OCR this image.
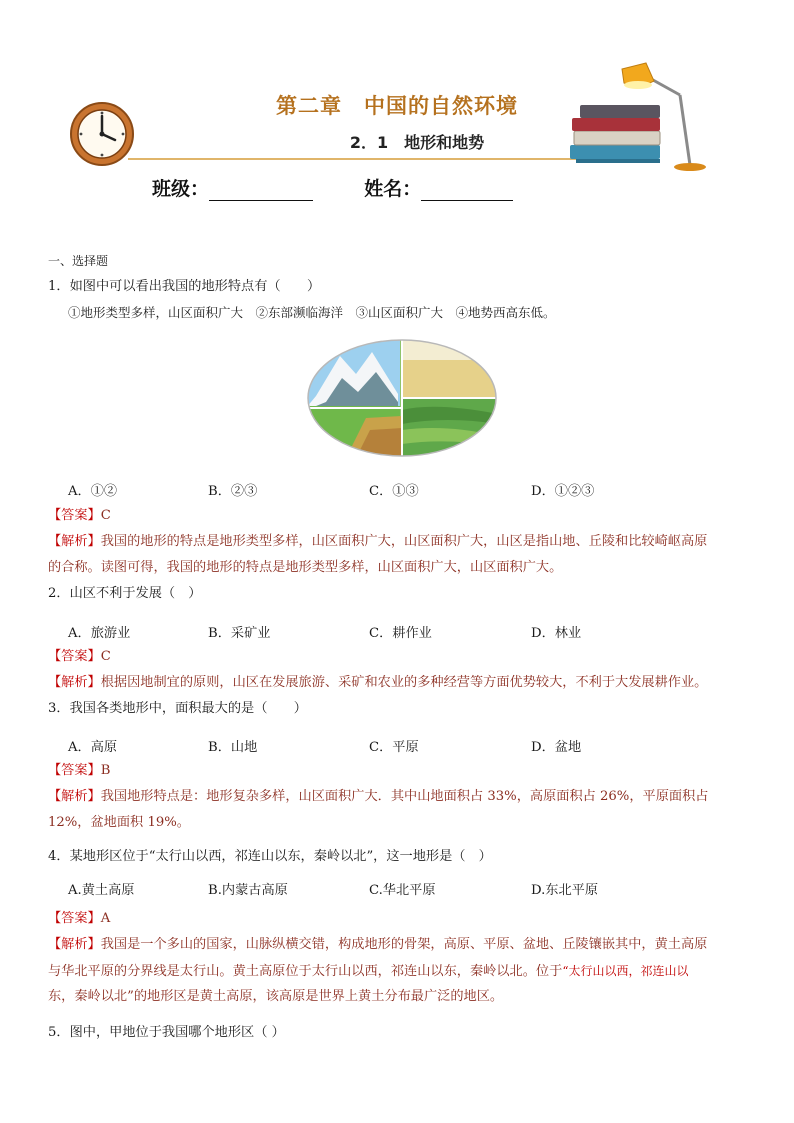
第二章　中国的自然环境
2．1　地形和地势
班级：	姓名：
一、选择题
1．如图中可以看出我国的地形特点有（　　）
①地形类型多样，山区面积广大　②东部濒临海洋　③山区面积广大　④地势西高东低。
A．①②	B．②③	C．①③	D．①②③
【答案】C
【解析】我国的地形的特点是地形类型多样，山区面积广大，山区面积广大，山区是指山地、丘陵和比较崎岖高原
的合称。读图可得，我国的地形的特点是地形类型多样，山区面积广大，山区面积广大。
2．山区不利于发展（　）
A．旅游业	B．采矿业	C．耕作业	D．林业
【答案】C
【解析】根据因地制宜的原则，山区在发展旅游、采矿和农业的多种经营等方面优势较大，不利于大发展耕作业。
3．我国各类地形中，面积最大的是（　　）
A．高原	B．山地	C．平原	D．盆地
【答案】B
【解析】我国地形特点是：地形复杂多样，山区面积广大．其中山地面积占 33%，高原面积占 26%，平原面积占
12%，盆地面积 19%。
4．某地形区位于“太行山以西，祁连山以东，秦岭以北”，这一地形是（　）
A.黄土高原	B.内蒙古高原	C.华北平原	D.东北平原
【答案】A
【解析】我国是一个多山的国家，山脉纵横交错，构成地形的骨架，高原、平原、盆地、丘陵镶嵌其中，黄土高原
与华北平原的分界线是太行山。黄土高原位于太行山以西，祁连山以东，秦岭以北。位于“太行山以西，祁连山以
东，秦岭以北”的地形区是黄土高原，该高原是世界上黄土分布最广泛的地区。
5．图中，甲地位于我国哪个地形区（ ）
